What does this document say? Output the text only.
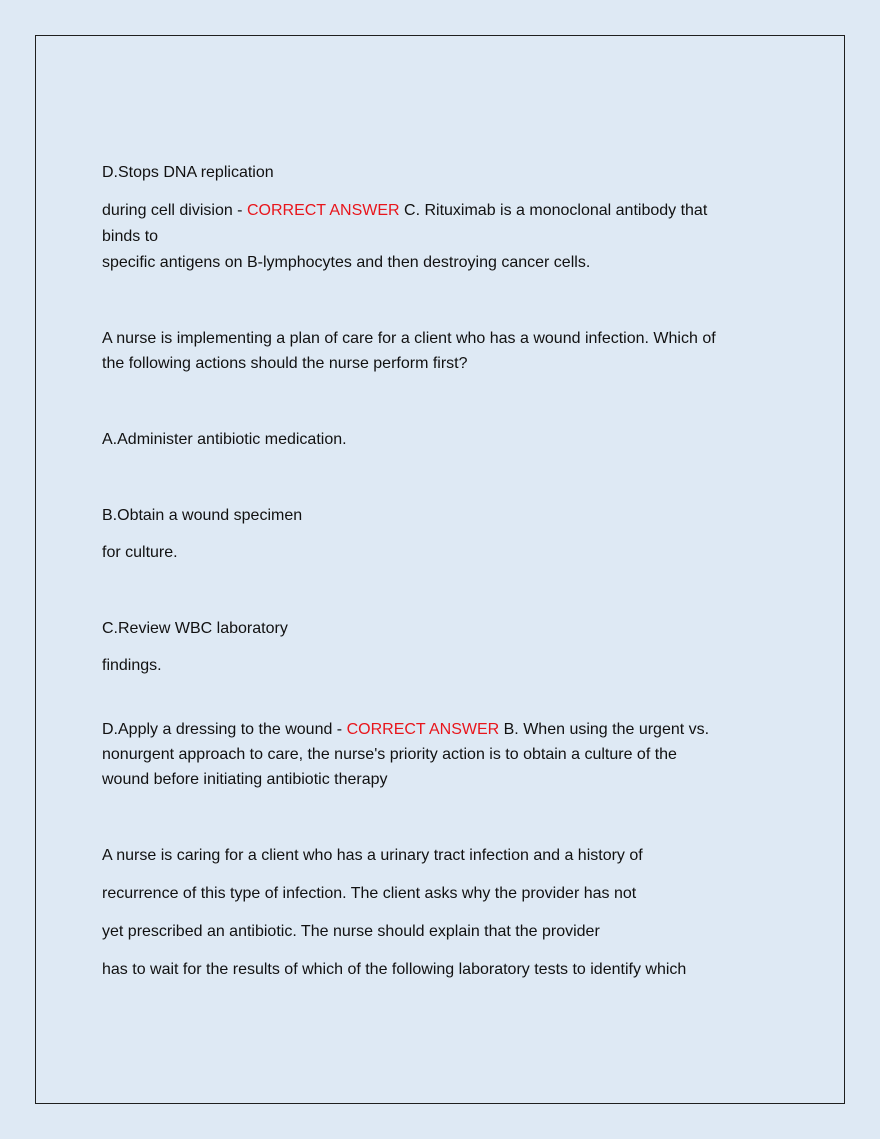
D.Stops DNA replication

during cell division - CORRECT ANSWER C. Rituximab is a monoclonal antibody that

binds to

specific antigens on B-lymphocytes and then destroying cancer cells.

A nurse is implementing a plan of care for a client who has a wound infection. Which of

the following actions should the nurse perform first?

A.Administer antibiotic medication.

B.Obtain a wound specimen

for culture.

C.Review WBC laboratory

findings.

D.Apply a dressing to the wound - CORRECT ANSWER B. When using the urgent vs.

nonurgent approach to care, the nurse's priority action is to obtain a culture of the

wound before initiating antibiotic therapy

A nurse is caring for a client who has a urinary tract infection and a history of

recurrence of this type of infection. The client asks why the provider has not

yet prescribed an antibiotic. The nurse should explain that the provider

has to wait for the results of which of the following laboratory tests to identify which
